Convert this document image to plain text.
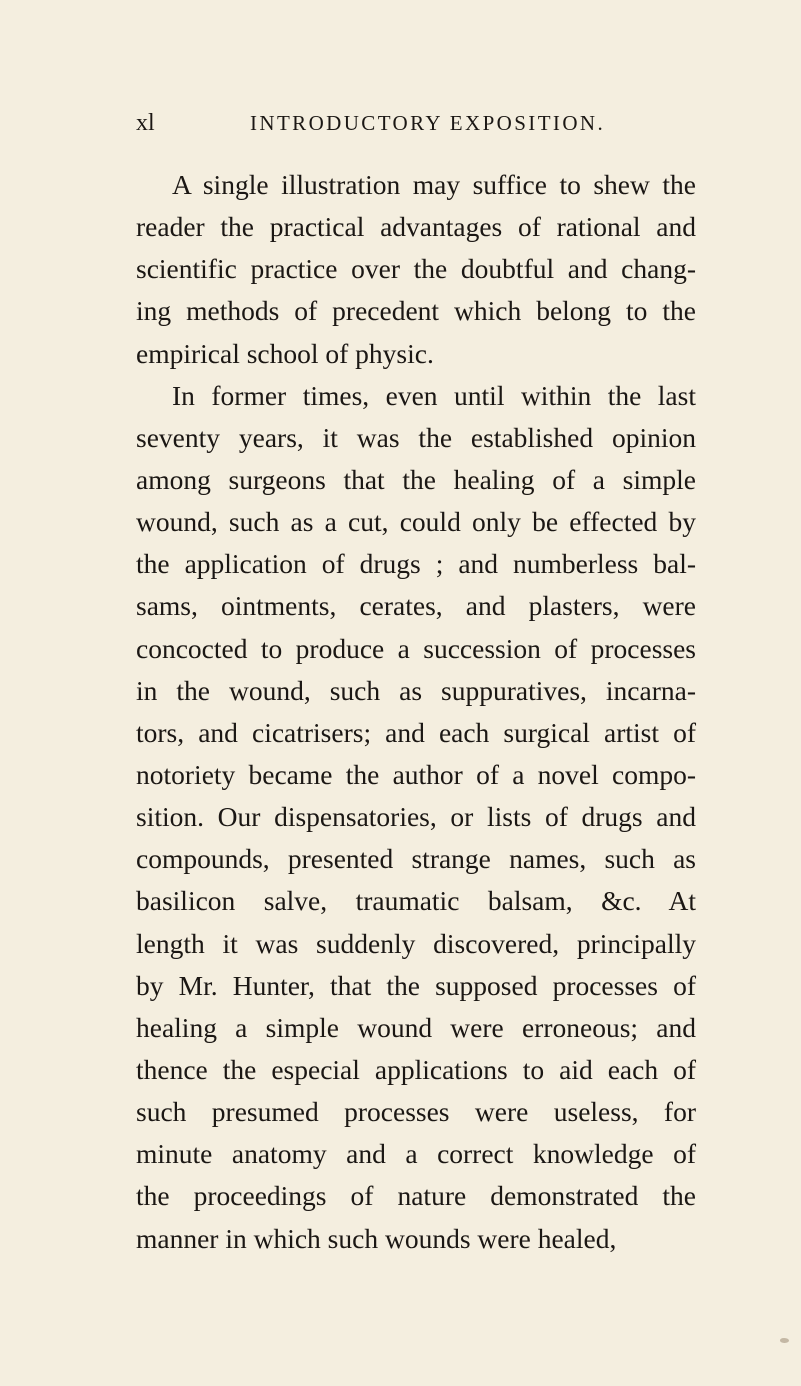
xl	INTRODUCTORY EXPOSITION.
A single illustration may suffice to shew the
reader the practical advantages of rational and
scientific practice over the doubtful and chang-
ing methods of precedent which belong to the
empirical school of physic.
In former times, even until within the last
seventy years, it was the established opinion
among surgeons that the healing of a simple
wound, such as a cut, could only be effected by
the application of drugs ; and numberless bal-
sams, ointments, cerates, and plasters, were
concocted to produce a succession of processes
in the wound, such as suppuratives, incarna-
tors, and cicatrisers; and each surgical artist of
notoriety became the author of a novel compo-
sition. Our dispensatories, or lists of drugs and
compounds, presented strange names, such as
basilicon salve, traumatic balsam, &c. At
length it was suddenly discovered, principally
by Mr. Hunter, that the supposed processes of
healing a simple wound were erroneous; and
thence the especial applications to aid each of
such presumed processes were useless, for
minute anatomy and a correct knowledge of
the proceedings of nature demonstrated the
manner in which such wounds were healed,
